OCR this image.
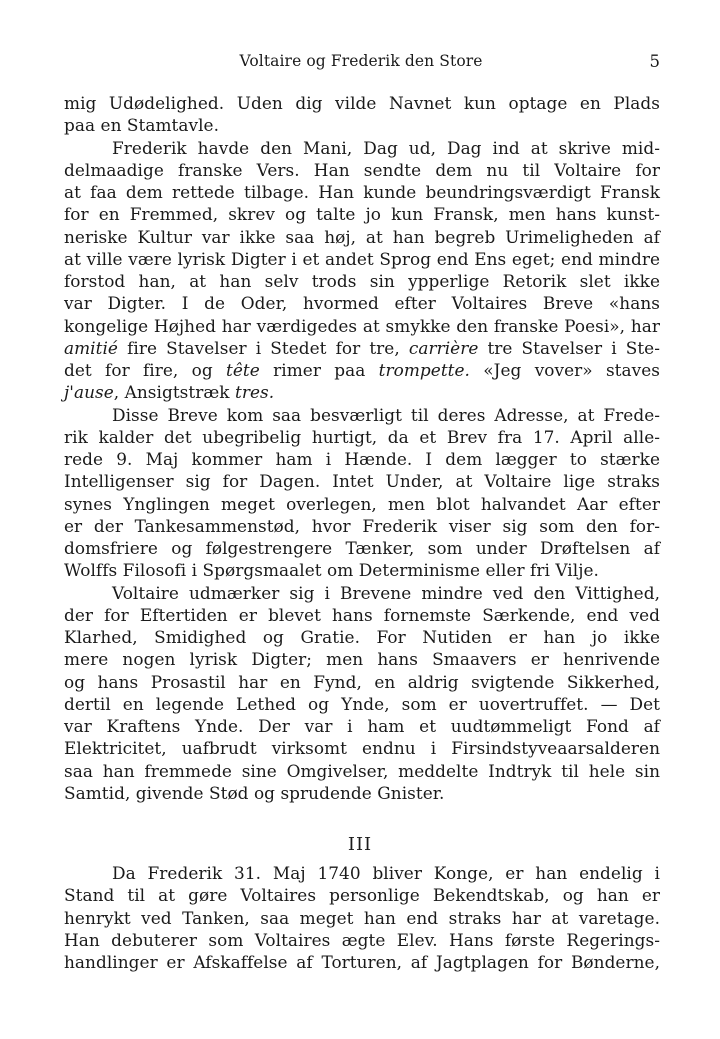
Voltaire og Frederik den Store	5
mig Udødelighed. Uden dig vilde Navnet kun optage en Plads
paa en Stamtavle.
Frederik havde den Mani, Dag ud, Dag ind at skrive mid-
delmaadige franske Vers. Han sendte dem nu til Voltaire for
at faa dem rettede tilbage. Han kunde beundringsværdigt Fransk
for en Fremmed, skrev og talte jo kun Fransk, men hans kunst-
neriske Kultur var ikke saa høj, at han begreb Urimeligheden af
at ville være lyrisk Digter i et andet Sprog end Ens eget; end mindre
forstod han, at han selv trods sin ypperlige Retorik slet ikke
var Digter. I de Oder, hvormed efter Voltaires Breve «hans
kongelige Højhed har værdigedes at smykke den franske Poesi», har
amitié fire Stavelser i Stedet for tre, carrière tre Stavelser i Ste-
det for fire, og tête rimer paa trompette. «Jeg vover» staves
j'ause, Ansigtstræk tres.
Disse Breve kom saa besværligt til deres Adresse, at Frede-
rik kalder det ubegribelig hurtigt, da et Brev fra 17. April alle-
rede 9. Maj kommer ham i Hænde. I dem lægger to stærke
Intelligenser sig for Dagen. Intet Under, at Voltaire lige straks
synes Ynglingen meget overlegen, men blot halvandet Aar efter
er der Tankesammenstød, hvor Frederik viser sig som den for-
domsfriere og følgestrengere Tænker, som under Drøftelsen af
Wolffs Filosofi i Spørgsmaalet om Determinisme eller fri Vilje.
Voltaire udmærker sig i Brevene mindre ved den Vittighed,
der for Eftertiden er blevet hans fornemste Særkende, end ved
Klarhed, Smidighed og Gratie. For Nutiden er han jo ikke
mere nogen lyrisk Digter; men hans Smaavers er henrivende
og hans Prosastil har en Fynd, en aldrig svigtende Sikkerhed,
dertil en legende Lethed og Ynde, som er uovertruffet. — Det
var Kraftens Ynde. Der var i ham et uudtømmeligt Fond af
Elektricitet, uafbrudt virksomt endnu i Firsindstyveaarsalderen
saa han fremmede sine Omgivelser, meddelte Indtryk til hele sin
Samtid, givende Stød og sprudende Gnister.
III
Da Frederik 31. Maj 1740 bliver Konge, er han endelig i
Stand til at gøre Voltaires personlige Bekendtskab, og han er
henrykt ved Tanken, saa meget han end straks har at varetage.
Han debuterer som Voltaires ægte Elev. Hans første Regerings-
handlinger er Afskaffelse af Torturen, af Jagtplagen for Bønderne,
